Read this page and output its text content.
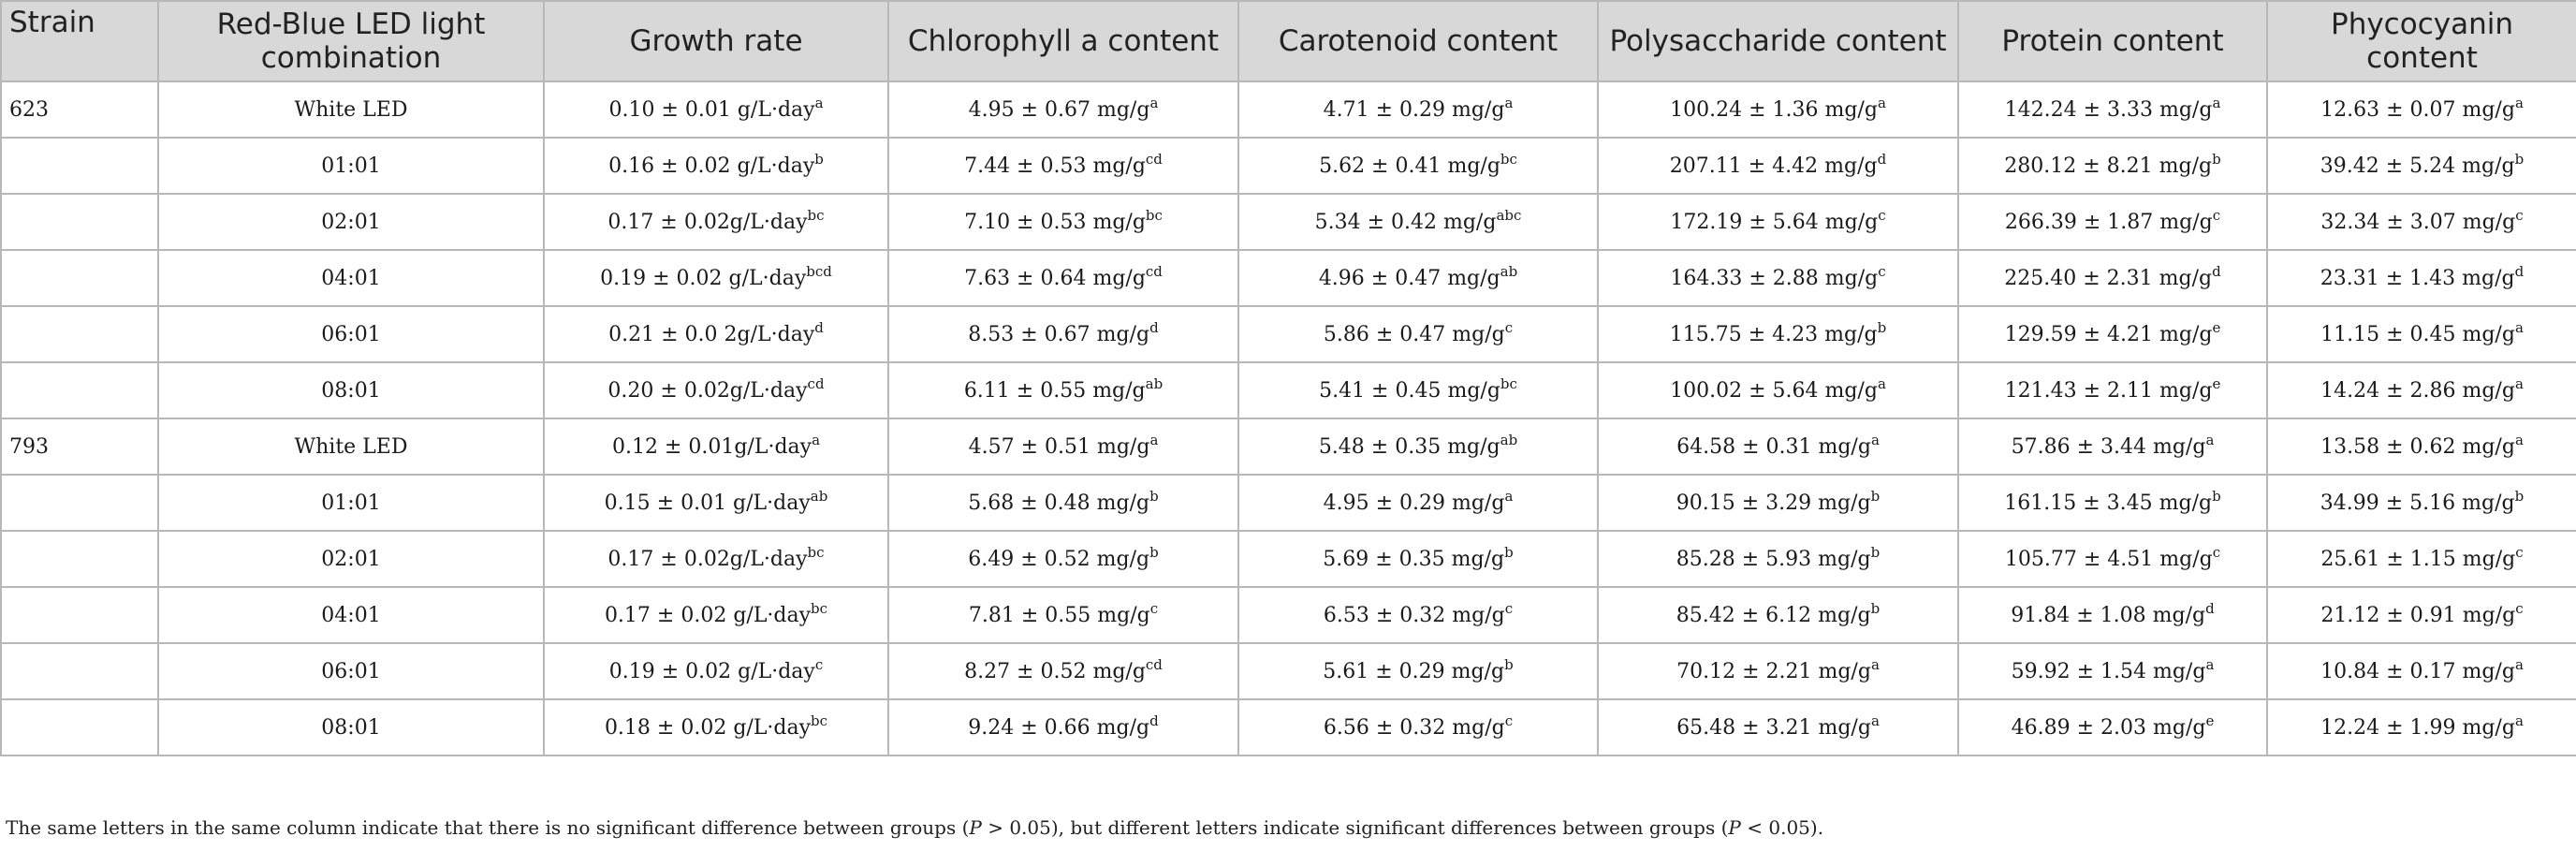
Strain	Red-Blue LED light combination	Growth rate	Chlorophyll a content	Carotenoid content	Polysaccharide content	Protein content	Phycocyanin content
623	White LED	0.10 ± 0.01 g/L·day$^a$	4.95 ± 0.67 $mg/g^a$	4.71 ± 0.29 $mg/g^a$	100.24 ± 1.36 $mg/g^a$	142.24 ± 3.33 $mg/g^a$	12.63 ± 0.07 $mg/g^a$
	01:01	0.16 ± 0.02 g/L·day$^b$	7.44 ± 0.53 $mg/g^{cd}$	5.62 ± 0.41 $mg/g^{bc}$	207.11 ± 4.42 $mg/g^d$	280.12 ± 8.21 $mg/g^b$	39.42 ± 5.24 $mg/g^b$
	02:01	0.17 ± 0.02g/L·day$^{bc}$	7.10 ± 0.53 $mg/g^{bc}$	5.34 ± 0.42 $mg/g^{abc}$	172.19 ± 5.64 $mg/g^c$	266.39 ± 1.87 $mg/g^c$	32.34 ± 3.07 $mg/g^c$
	04:01	0.19 ± 0.02 g/L·day$^{bcd}$	7.63 ± 0.64 $mg/g^{cd}$	4.96 ± 0.47 $mg/g^{ab}$	164.33 ± 2.88 $mg/g^c$	225.40 ± 2.31 $mg/g^d$	23.31 ± 1.43 $mg/g^d$
	06:01	0.21 ± 0.0 2g/L·day$^d$	8.53 ± 0.67 $mg/g^d$	5.86 ± 0.47 $mg/g^c$	115.75 ± 4.23 $mg/g^b$	129.59 ± 4.21 $mg/g^e$	11.15 ± 0.45 $mg/g^a$
	08:01	0.20 ± 0.02g/L·day$^{cd}$	6.11 ± 0.55 $mg/g^{ab}$	5.41 ± 0.45 $mg/g^{bc}$	100.02 ± 5.64 $mg/g^a$	121.43 ± 2.11 $mg/g^e$	14.24 ± 2.86 $mg/g^a$
793	White LED	0.12 ± 0.01g/L·day$^a$	4.57 ± 0.51 $mg/g^a$	5.48 ± 0.35 $mg/g^{ab}$	64.58 ± 0.31 $mg/g^a$	57.86 ± 3.44 $mg/g^a$	13.58 ± 0.62 $mg/g^a$
	01:01	0.15 ± 0.01 g/L·day$^{ab}$	5.68 ± 0.48 $mg/g^b$	4.95 ± 0.29 $mg/g^a$	90.15 ± 3.29 $mg/g^b$	161.15 ± 3.45 $mg/g^b$	34.99 ± 5.16 $mg/g^b$
	02:01	0.17 ± 0.02g/L·day$^{bc}$	6.49 ± 0.52 $mg/g^b$	5.69 ± 0.35 $mg/g^b$	85.28 ± 5.93 $mg/g^b$	105.77 ± 4.51 $mg/g^c$	25.61 ± 1.15 $mg/g^c$
	04:01	0.17 ± 0.02 g/L·day$^{bc}$	7.81 ± 0.55 $mg/g^c$	6.53 ± 0.32 $mg/g^c$	85.42 ± 6.12 $mg/g^b$	91.84 ± 1.08 $mg/g^d$	21.12 ± 0.91 $mg/g^c$
	06:01	0.19 ± 0.02 g/L·day$^c$	8.27 ± 0.52 $mg/g^{cd}$	5.61 ± 0.29 $mg/g^b$	70.12 ± 2.21 $mg/g^a$	59.92 ± 1.54 $mg/g^a$	10.84 ± 0.17 $mg/g^a$
	08:01	0.18 ± 0.02 g/L·day$^{bc}$	9.24 ± 0.66 $mg/g^d$	6.56 ± 0.32 $mg/g^c$	65.48 ± 3.21 $mg/g^a$	46.89 ± 2.03 $mg/g^e$	12.24 ± 1.99 $mg/g^a$
The same letters in the same column indicate that there is no significant difference between groups (P > 0.05), but different letters indicate significant differences between groups (P < 0.05).
